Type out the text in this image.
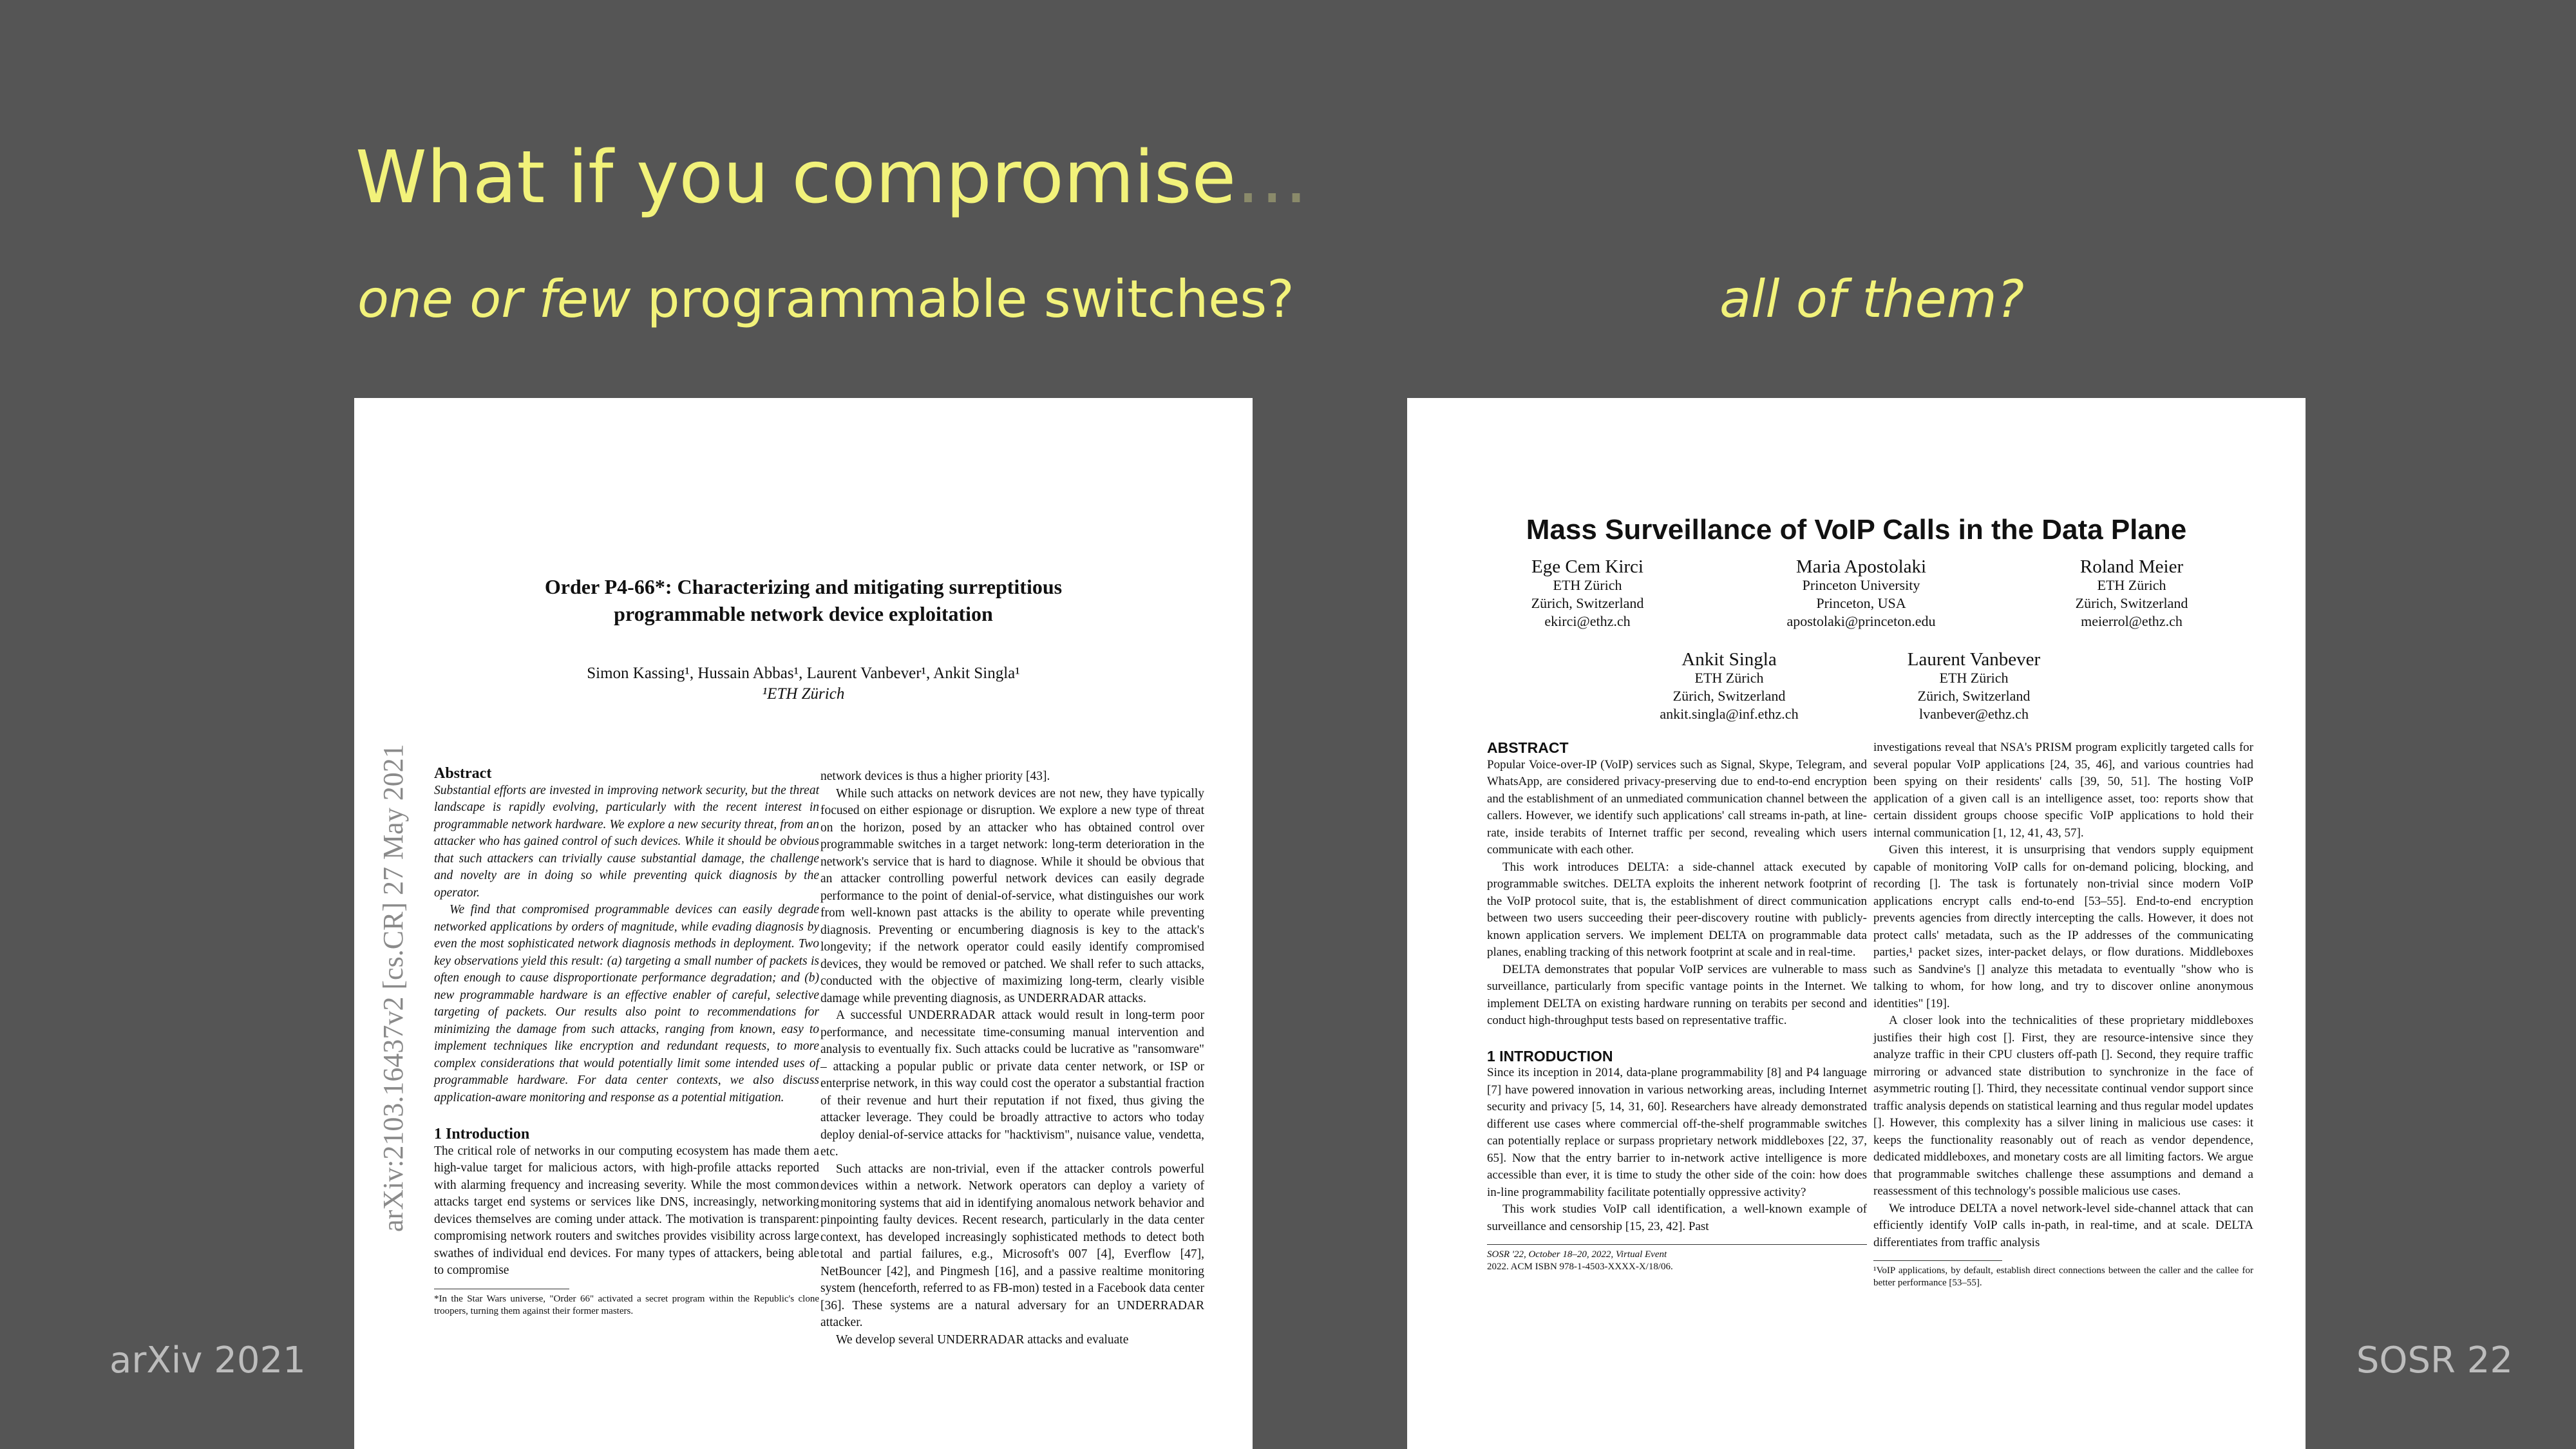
What if you compromise…
one or few programmable switches?	all of them?
arXiv:2103.16437v2 [cs.CR] 27 May 2021
Order P4-66*: Characterizing and mitigating surreptitious
programmable network device exploitation
Simon Kassing¹, Hussain Abbas¹, Laurent Vanbever¹, Ankit Singla¹
¹ETH Zürich

Abstract

Substantial efforts are invested in improving network security, but the threat landscape is rapidly evolving, particularly with the recent interest in programmable network hardware. We explore a new security threat, from an attacker who has gained control of such devices. While it should be obvious that such attackers can trivially cause substantial damage, the challenge and novelty are in doing so while preventing quick diagnosis by the operator.

We find that compromised programmable devices can easily degrade networked applications by orders of magnitude, while evading diagnosis by even the most sophisticated network diagnosis methods in deployment. Two key observations yield this result: (a) targeting a small number of packets is often enough to cause disproportionate performance degradation; and (b) new programmable hardware is an effective enabler of careful, selective targeting of packets. Our results also point to recommendations for minimizing the damage from such attacks, ranging from known, easy to implement techniques like encryption and redundant requests, to more complex considerations that would potentially limit some intended uses of programmable hardware. For data center contexts, we also discuss application-aware monitoring and response as a potential mitigation.

1 Introduction

The critical role of networks in our computing ecosystem has made them a high-value target for malicious actors, with high-profile attacks reported with alarming frequency and increasing severity. While the most common attacks target end systems or services like DNS, increasingly, networking devices themselves are coming under attack. The motivation is transparent: compromising network routers and switches provides visibility across large swathes of individual end devices. For many types of attackers, being able to compromise

*In the Star Wars universe, "Order 66" activated a secret program within the Republic's clone troopers, turning them against their former masters.

network devices is thus a higher priority [43].

While such attacks on network devices are not new, they have typically focused on either espionage or disruption. We explore a new type of threat on the horizon, posed by an attacker who has obtained control over programmable switches in a target network: long-term deterioration in the network's service that is hard to diagnose. While it should be obvious that an attacker controlling powerful network devices can easily degrade performance to the point of denial-of-service, what distinguishes our work from well-known past attacks is the ability to operate while preventing diagnosis. Preventing or encumbering diagnosis is key to the attack's longevity; if the network operator could easily identify compromised devices, they would be removed or patched. We shall refer to such attacks, conducted with the objective of maximizing long-term, clearly visible damage while preventing diagnosis, as UNDERRADAR attacks.

A successful UNDERRADAR attack would result in long-term poor performance, and necessitate time-consuming manual intervention and analysis to eventually fix. Such attacks could be lucrative as "ransomware" – attacking a popular public or private data center network, or ISP or enterprise network, in this way could cost the operator a substantial fraction of their revenue and hurt their reputation if not fixed, thus giving the attacker leverage. They could be broadly attractive to actors who today deploy denial-of-service attacks for "hacktivism", nuisance value, vendetta, etc.

Such attacks are non-trivial, even if the attacker controls powerful devices within a network. Network operators can deploy a variety of monitoring systems that aid in identifying anomalous network behavior and pinpointing faulty devices. Recent research, particularly in the data center context, has developed increasingly sophisticated methods to detect both total and partial failures, e.g., Microsoft's 007 [4], Everflow [47], NetBouncer [42], and Pingmesh [16], and a passive realtime monitoring system (henceforth, referred to as FB-mon) tested in a Facebook data center [36]. These systems are a natural adversary for an UNDERRADAR attacker.

We develop several UNDERRADAR attacks and evaluate

Mass Surveillance of VoIP Calls in the Data Plane
Ege Cem Kirci
ETH Zürich
Zürich, Switzerland
ekirci@ethz.ch
Maria Apostolaki
Princeton University
Princeton, USA
apostolaki@princeton.edu
Roland Meier
ETH Zürich
Zürich, Switzerland
meierrol@ethz.ch
Ankit Singla
ETH Zürich
Zürich, Switzerland
ankit.singla@inf.ethz.ch
Laurent Vanbever
ETH Zürich
Zürich, Switzerland
lvanbever@ethz.ch

ABSTRACT

Popular Voice-over-IP (VoIP) services such as Signal, Skype, Telegram, and WhatsApp, are considered privacy-preserving due to end-to-end encryption and the establishment of an unmediated communication channel between the callers. However, we identify such applications' call streams in-path, at line-rate, inside terabits of Internet traffic per second, revealing which users communicate with each other.

This work introduces DELTA: a side-channel attack executed by programmable switches. DELTA exploits the inherent network footprint of the VoIP protocol suite, that is, the establishment of direct communication between two users succeeding their peer-discovery routine with publicly-known application servers. We implement DELTA on programmable data planes, enabling tracking of this network footprint at scale and in real-time.

DELTA demonstrates that popular VoIP services are vulnerable to mass surveillance, particularly from specific vantage points in the Internet. We implement DELTA on existing hardware running on terabits per second and conduct high-throughput tests based on representative traffic.

1 INTRODUCTION

Since its inception in 2014, data-plane programmability [8] and P4 language [7] have powered innovation in various networking areas, including Internet security and privacy [5, 14, 31, 60]. Researchers have already demonstrated different use cases where commercial off-the-shelf programmable switches can potentially replace or surpass proprietary network middleboxes [22, 37, 65]. Now that the entry barrier to in-network active intelligence is more accessible than ever, it is time to study the other side of the coin: how does in-line programmability facilitate potentially oppressive activity?

This work studies VoIP call identification, a well-known example of surveillance and censorship [15, 23, 42]. Past

SOSR '22, October 18–20, 2022, Virtual Event

2022. ACM ISBN 978-1-4503-XXXX-X/18/06.

investigations reveal that NSA's PRISM program explicitly targeted calls for several popular VoIP applications [24, 35, 46], and various countries had been spying on their residents' calls [39, 50, 51]. The hosting VoIP application of a given call is an intelligence asset, too: reports show that certain dissident groups choose specific VoIP applications to hold their internal communication [1, 12, 41, 43, 57].

Given this interest, it is unsurprising that vendors supply equipment capable of monitoring VoIP calls for on-demand policing, blocking, and recording []. The task is fortunately non-trivial since modern VoIP applications encrypt calls end-to-end [53–55]. End-to-end encryption prevents agencies from directly intercepting the calls. However, it does not protect calls' metadata, such as the IP addresses of the communicating parties,¹ packet sizes, inter-packet delays, or flow durations. Middleboxes such as Sandvine's [] analyze this metadata to eventually "show who is talking to whom, for how long, and try to discover online anonymous identities" [19].

A closer look into the technicalities of these proprietary middleboxes justifies their high cost []. First, they are resource-intensive since they analyze traffic in their CPU clusters off-path []. Second, they require traffic mirroring or advanced state distribution to synchronize in the face of asymmetric routing []. Third, they necessitate continual vendor support since traffic analysis depends on statistical learning and thus regular model updates []. However, this complexity has a silver lining in malicious use cases: it keeps the functionality reasonably out of reach as vendor dependence, dedicated middleboxes, and monetary costs are all limiting factors. We argue that programmable switches challenge these assumptions and demand a reassessment of this technology's possible malicious use cases.

We introduce DELTA a novel network-level side-channel attack that can efficiently identify VoIP calls in-path, in real-time, and at scale. DELTA differentiates from traffic analysis

¹VoIP applications, by default, establish direct connections between the caller and the callee for better performance [53–55].

arXiv 2021	SOSR 22
